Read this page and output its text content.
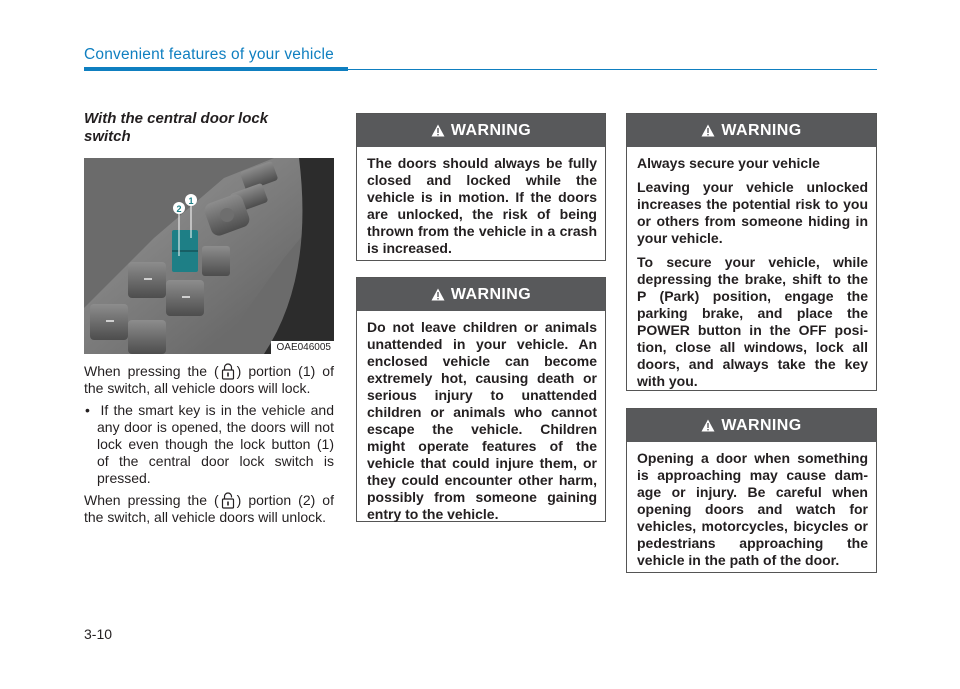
Convenient features of your vehicle
With the central door lock switch
2
1
OAE046005

When pressing the ( ) portion (1) of the switch, all vehicle doors will lock.

• If the smart key is in the vehicle and any door is opened, the doors will not lock even though the lock button (1) of the central door lock switch is pressed.

When pressing the ( ) portion (2) of the switch, all vehicle doors will unlock.

WARNING

The doors should always be fully closed and locked while the vehicle is in motion. If the doors are unlocked, the risk of being thrown from the vehicle in a crash is increased.

WARNING

Do not leave children or animals unattended in your vehicle. An enclosed vehicle can become extremely hot, causing death or serious injury to unattended children or animals who cannot escape the vehicle. Children might operate features of the vehicle that could injure them, or they could encounter other harm, possibly from someone gaining entry to the vehicle.

WARNING

Always secure your vehicle

Leaving your vehicle unlocked increases the potential risk to you or others from someone hiding in your vehicle.

To secure your vehicle, while depressing the brake, shift to the P (Park) position, engage the parking brake, and place the POWER button in the OFF posi-tion, close all windows, lock all doors, and always take the key with you.

WARNING

Opening a door when something is approaching may cause dam-age or injury. Be careful when opening doors and watch for vehicles, motorcycles, bicycles or pedestrians approaching the vehicle in the path of the door.

3-10
